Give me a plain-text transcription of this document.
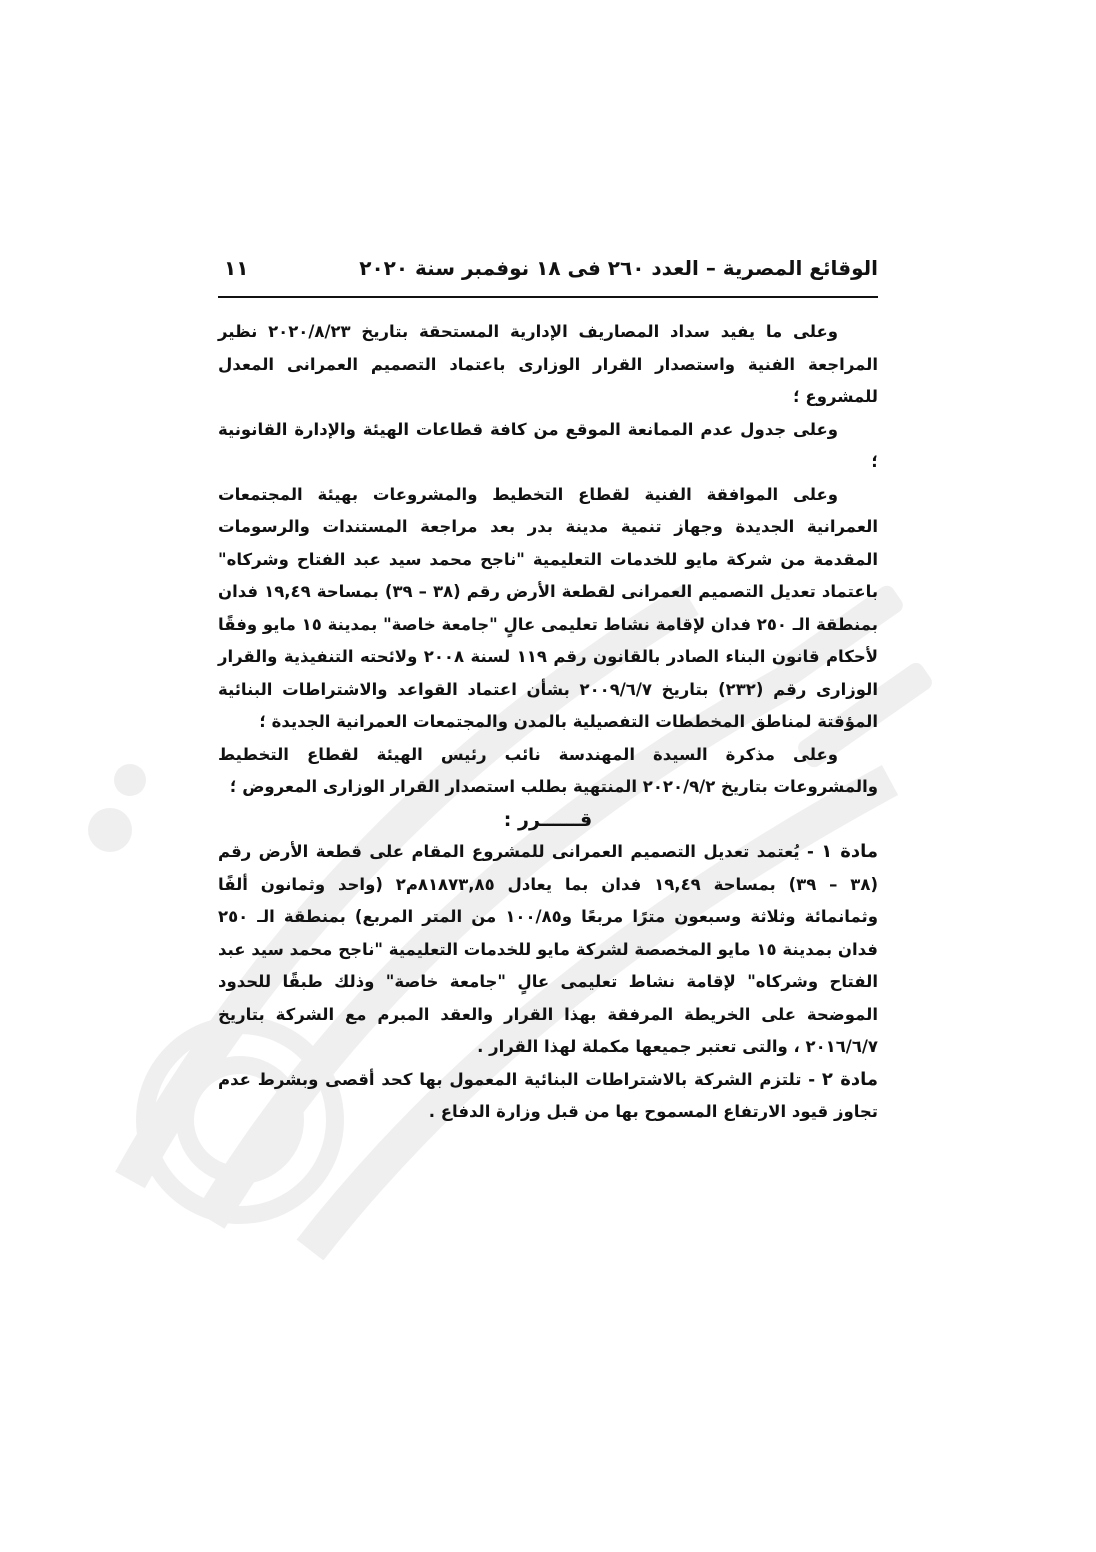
الوقائع المصرية – العدد ٢٦٠ فى ١٨ نوفمبر سنة ٢٠٢٠
١١

وعلى ما يفيد سداد المصاريف الإدارية المستحقة بتاريخ ٢٠٢٠/٨/٢٣ نظير المراجعة الفنية واستصدار القرار الوزارى باعتماد التصميم العمرانى المعدل للمشروع ؛

وعلى جدول عدم الممانعة الموقع من كافة قطاعات الهيئة والإدارة القانونية ؛

وعلى الموافقة الفنية لقطاع التخطيط والمشروعات بهيئة المجتمعات العمرانية الجديدة وجهاز تنمية مدينة بدر بعد مراجعة المستندات والرسومات المقدمة من شركة مايو للخدمات التعليمية "ناجح محمد سيد عبد الفتاح وشركاه" باعتماد تعديل التصميم العمرانى لقطعة الأرض رقم (٣٨ – ٣٩) بمساحة ١٩,٤٩ فدان بمنطقة الـ ٢٥٠ فدان لإقامة نشاط تعليمى عالٍ "جامعة خاصة" بمدينة ١٥ مايو وفقًا لأحكام قانون البناء الصادر بالقانون رقم ١١٩ لسنة ٢٠٠٨ ولائحته التنفيذية والقرار الوزارى رقم (٢٣٢) بتاريخ ٢٠٠٩/٦/٧ بشأن اعتماد القواعد والاشتراطات البنائية المؤقتة لمناطق المخططات التفصيلية بالمدن والمجتمعات العمرانية الجديدة ؛

وعلى مذكرة السيدة المهندسة نائب رئيس الهيئة لقطاع التخطيط والمشروعات بتاريخ ٢٠٢٠/٩/٢ المنتهية بطلب استصدار القرار الوزارى المعروض ؛

قــــــرر :

مادة ١ - يُعتمد تعديل التصميم العمرانى للمشروع المقام على قطعة الأرض رقم (٣٨ – ٣٩) بمساحة ١٩,٤٩ فدان بما يعادل ٨١٨٧٣,٨٥م٢ (واحد وثمانون ألفًا وثمانمائة وثلاثة وسبعون مترًا مربعًا و١٠٠/٨٥ من المتر المربع) بمنطقة الـ ٢٥٠ فدان بمدينة ١٥ مايو المخصصة لشركة مايو للخدمات التعليمية "ناجح محمد سيد عبد الفتاح وشركاه" لإقامة نشاط تعليمى عالٍ "جامعة خاصة" وذلك طبقًا للحدود الموضحة على الخريطة المرفقة بهذا القرار والعقد المبرم مع الشركة بتاريخ ٢٠١٦/٦/٧ ، والتى تعتبر جميعها مكملة لهذا القرار .

مادة ٢ - تلتزم الشركة بالاشتراطات البنائية المعمول بها كحد أقصى وبشرط عدم تجاوز قيود الارتفاع المسموح بها من قبل وزارة الدفاع .
